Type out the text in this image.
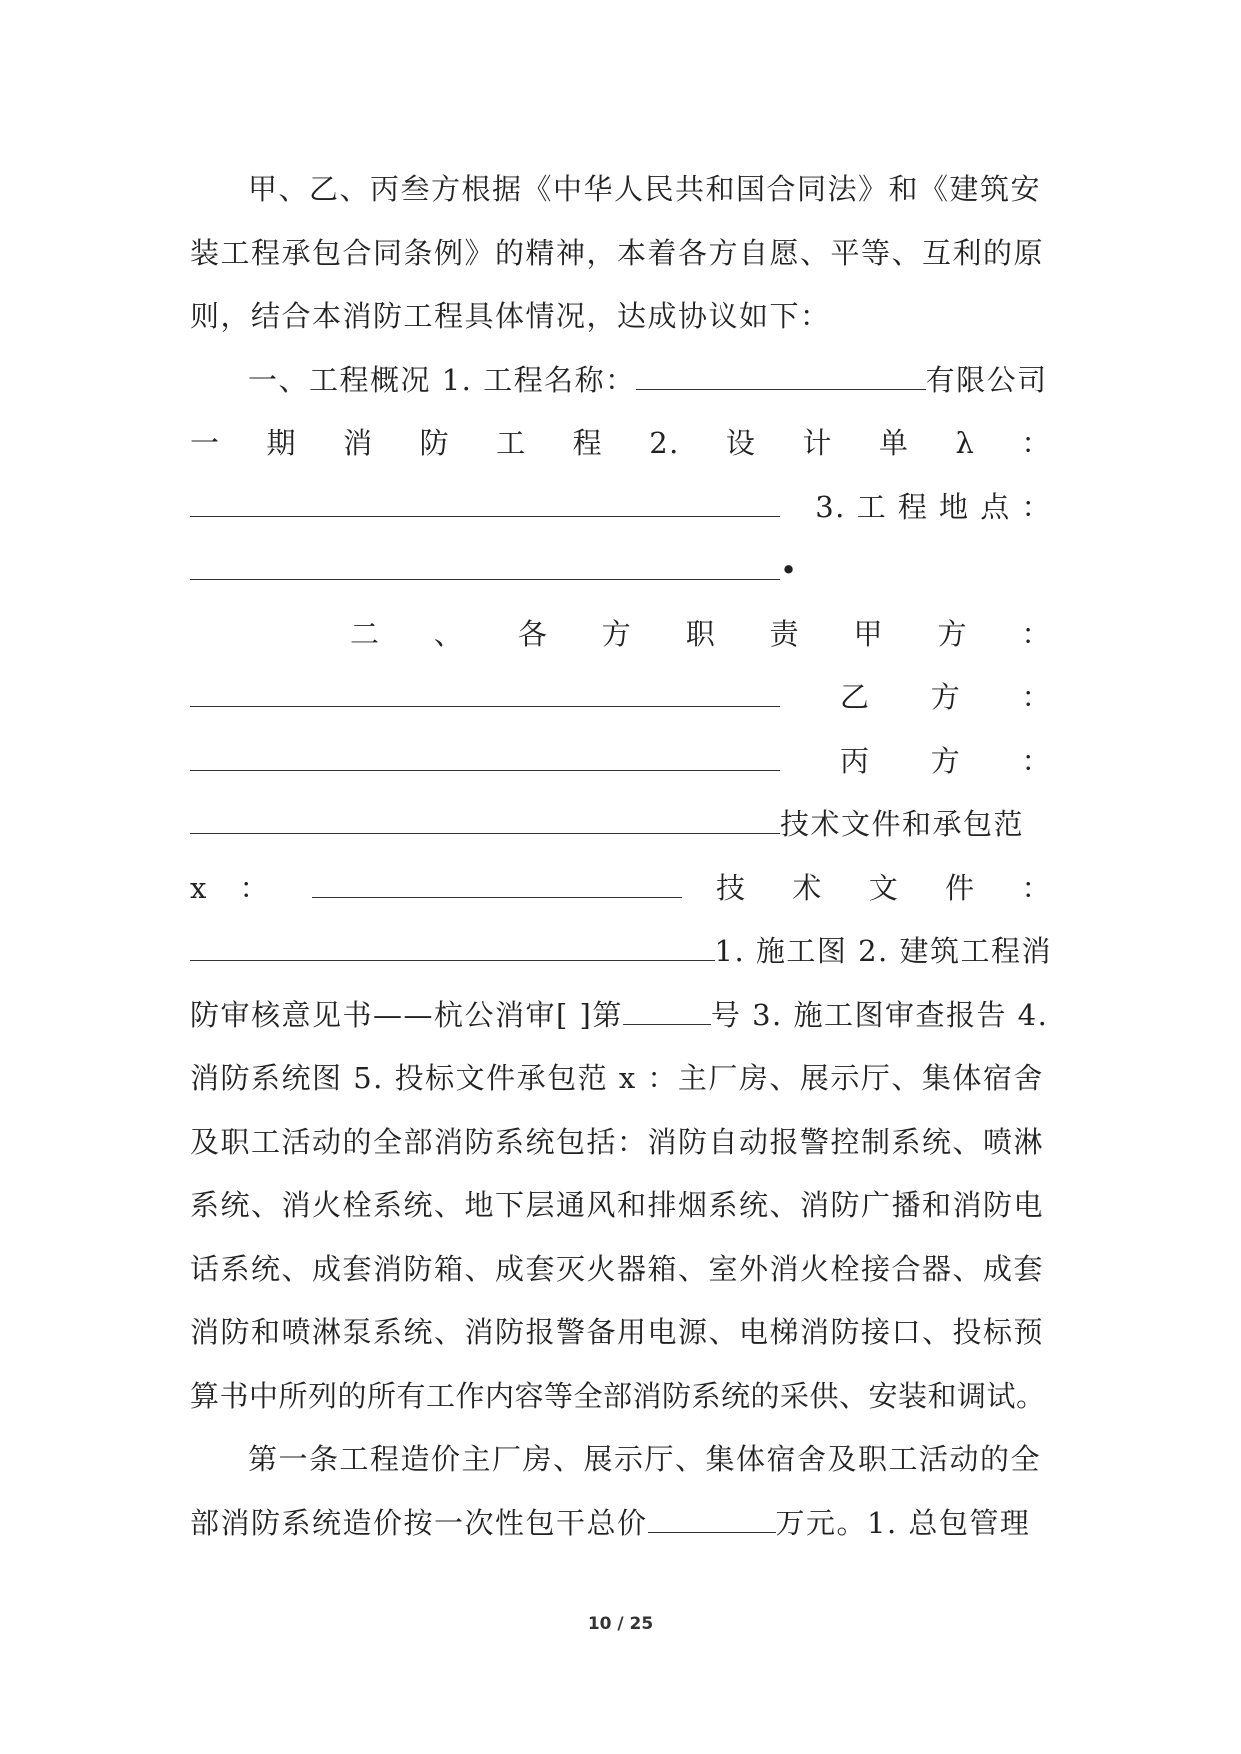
甲、乙、丙叁方根据《中华人民共和国合同法》和《建筑安
装工程承包合同条例》的精神，本着各方自愿、平等、互利的原
则，结合本消防工程具体情况，达成协议如下：
一、工程概况 1. 工程名称：	有限公司
一 期 消 防 工 程 2. 设 计 单 λ ：
3. 工 程 地 点 ：
•
二 、 各 方 职 责 甲 方 ：
乙 方 ：
丙 方 ：
技术文件和承包范
x ：	技 术 文 件 ：
1. 施工图 2. 建筑工程消
防审核意见书——杭公消审[ ]第	号 3. 施工图审查报告 4.
消防系统图 5. 投标文件承包范 x ：主厂房、展示厅、集体宿舍
及职工活动的全部消防系统包括：消防自动报警控制系统、喷淋
系统、消火栓系统、地下层通风和排烟系统、消防广播和消防电
话系统、成套消防箱、成套灭火器箱、室外消火栓接合器、成套
消防和喷淋泵系统、消防报警备用电源、电梯消防接口、投标预
算书中所列的所有工作内容等全部消防系统的采供、安装和调试。
第一条工程造价主厂房、展示厅、集体宿舍及职工活动的全
部消防系统造价按一次性包干总价	万元。1. 总包管理
10 / 25
